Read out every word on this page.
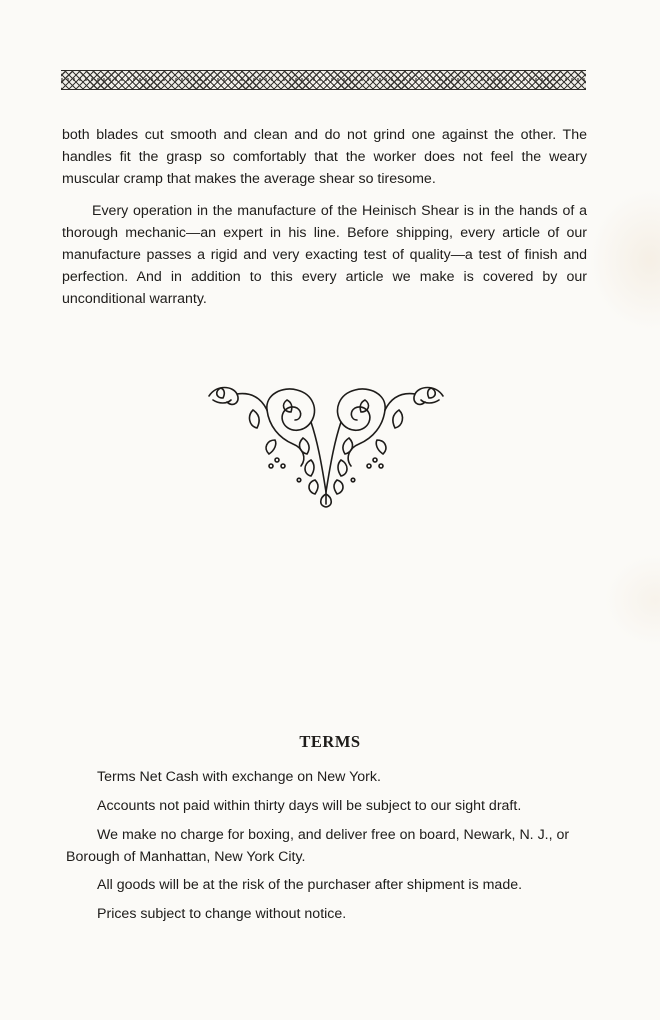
both blades cut smooth and clean and do not grind one against the other. The handles fit the grasp so comfortably that the worker does not feel the weary muscular cramp that makes the average shear so tiresome.

Every operation in the manufacture of the Heinisch Shear is in the hands of a thorough mechanic—an expert in his line. Before shipping, every article of our manufacture passes a rigid and very exacting test of quality—a test of finish and perfection. And in addition to this every article we make is covered by our unconditional warranty.

TERMS

Terms Net Cash with exchange on New York.

Accounts not paid within thirty days will be subject to our sight draft.

We make no charge for boxing, and deliver free on board, Newark, N. J., or Borough of Manhattan, New York City.

All goods will be at the risk of the purchaser after shipment is made.

Prices subject to change without notice.
